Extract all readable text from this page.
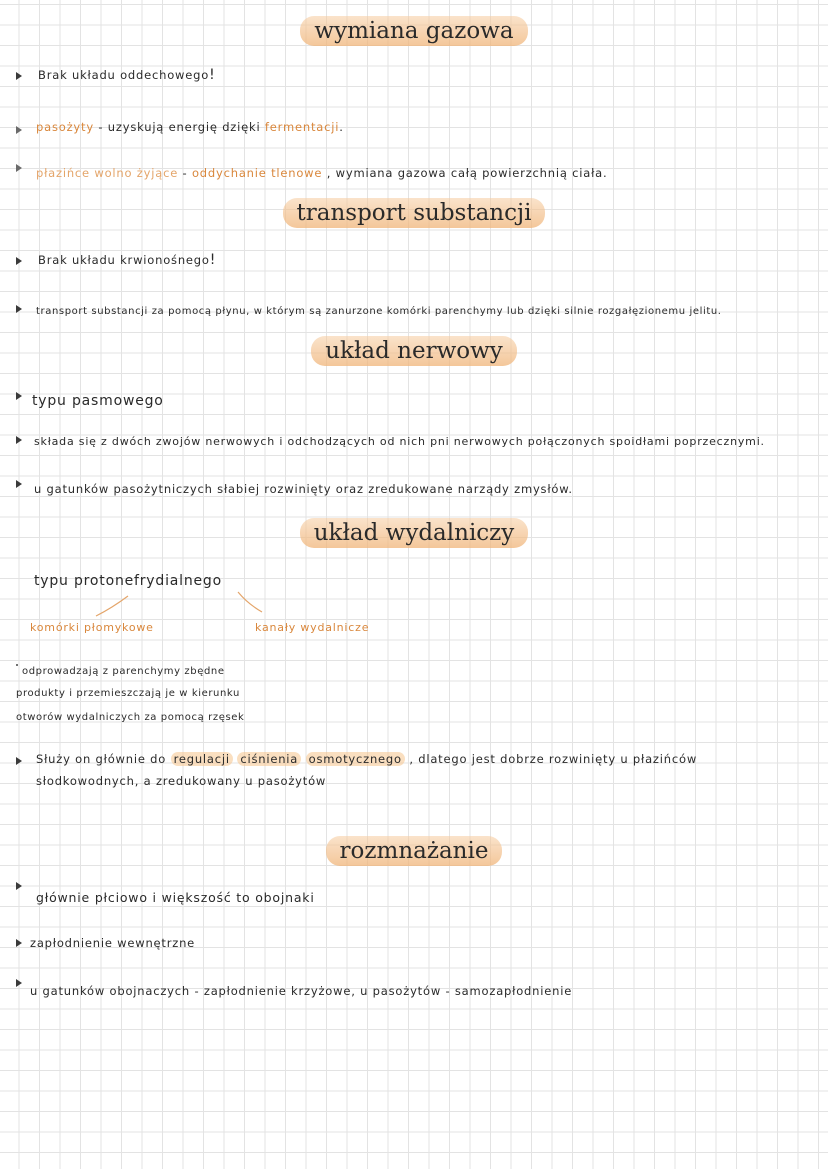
wymiana gazowa
Brak układu oddechowego!
pasożyty - uzyskują energię dzięki fermentacji.
płazińce wolno żyjące - oddychanie tlenowe , wymiana gazowa całą powierzchnią ciała.
transport substancji
Brak układu krwionośnego!
transport substancji za pomocą płynu, w którym są zanurzone komórki parenchymy lub dzięki silnie rozgałęzionemu jelitu.
układ nerwowy
typu pasmowego
składa się z dwóch zwojów nerwowych i odchodzących od nich pni nerwowych połączonych spoidłami poprzecznymi.
u gatunków pasożytniczych słabiej rozwinięty oraz zredukowane narządy zmysłów.
układ wydalniczy
typu protonefrydialnego
komórki płomykowe	kanały wydalnicze
odprowadzają z parenchymy zbędne
produkty i przemieszczają je w kierunku
otworów wydalniczych za pomocą rzęsek
Służy on głównie do regulacji ciśnienia osmotycznego , dlatego jest dobrze rozwinięty u płazińców
słodkowodnych, a zredukowany u pasożytów
rozmnażanie
głównie płciowo i większość to obojnaki
zapłodnienie wewnętrzne
u gatunków obojnaczych - zapłodnienie krzyżowe, u pasożytów - samozapłodnienie
